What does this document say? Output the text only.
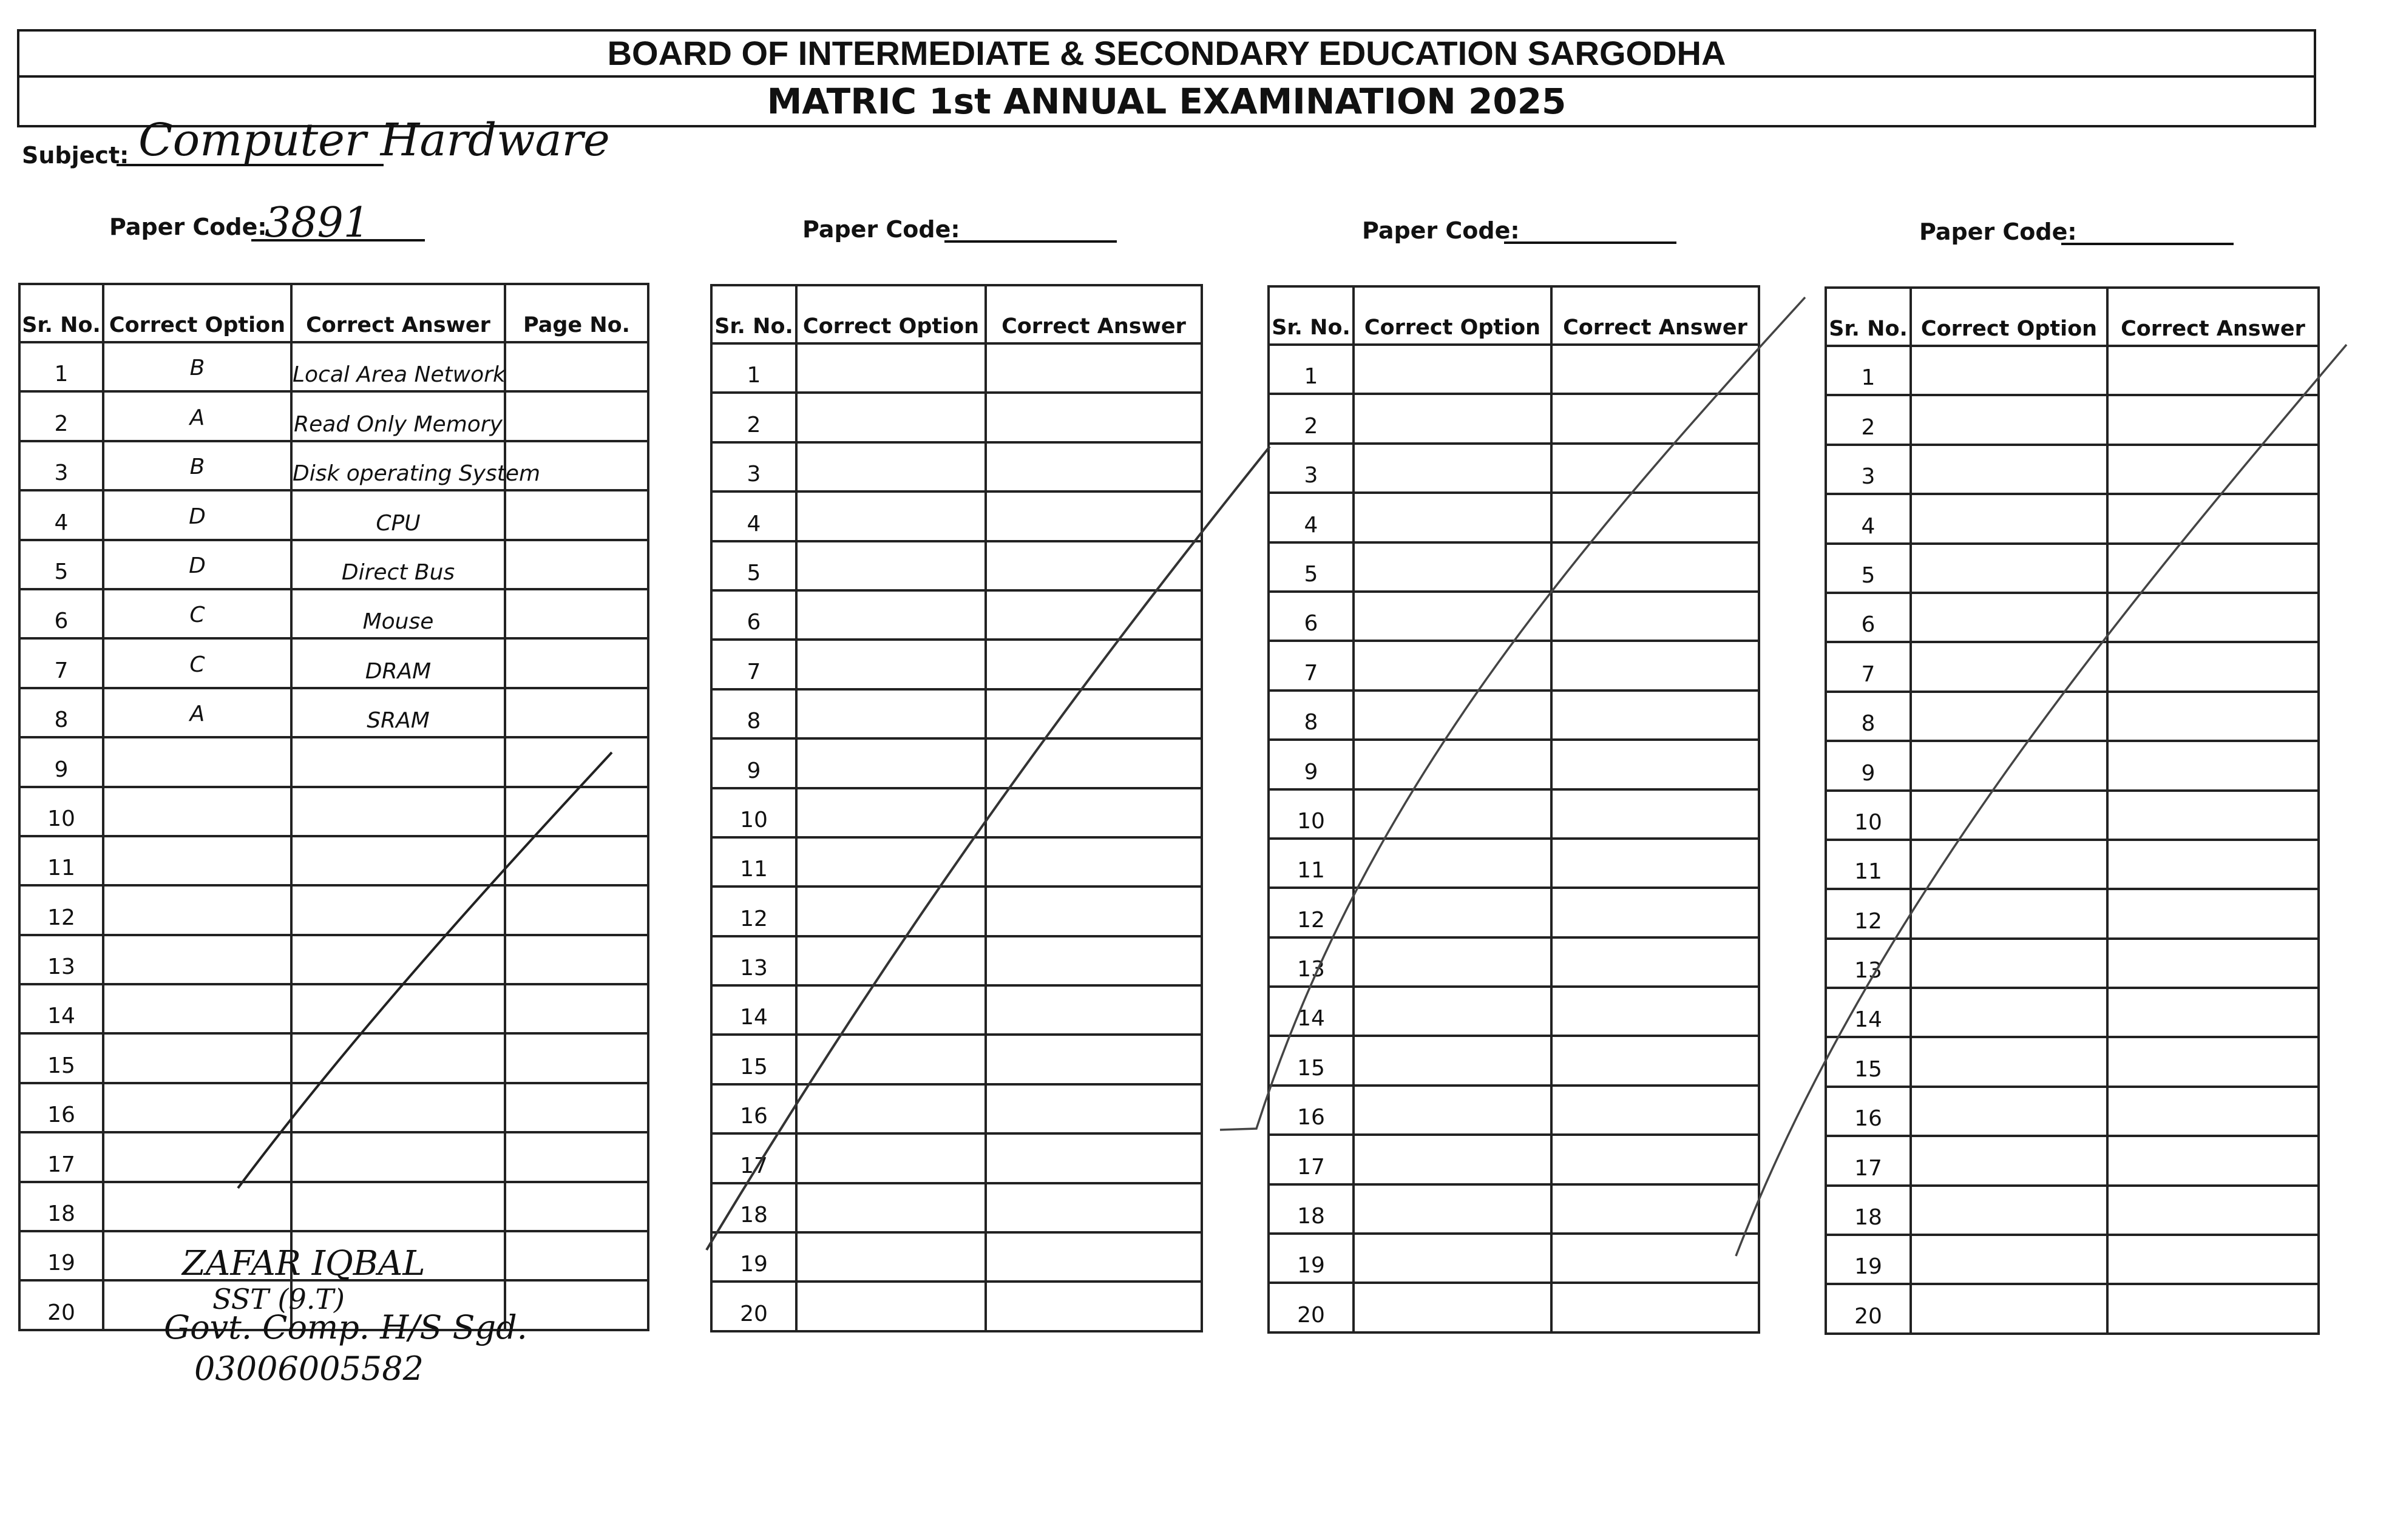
BOARD OF INTERMEDIATE & SECONDARY EDUCATION SARGODHA
MATRIC 1st ANNUAL EXAMINATION 2025
Subject: Computer Hardware
Paper Code:
3891	Paper Code:	Paper Code:	Paper Code:
Sr. No.	Correct Option	Correct Answer	Page No.
1	B	Local Area Network	
2	A	Read Only Memory	
3	B	Disk operating System	
4	D	CPU	
5	D	Direct Bus	
6	C	Mouse	
7	C	DRAM	
8	A	SRAM	
9			
10			
11			
12			
13			
14			
15			
16			
17			
18			
19			
20			
Sr. No.	Correct Option	Correct Answer
1		
2		
3		
4		
5		
6		
7		
8		
9		
10		
11		
12		
13		
14		
15		
16		
17		
18		
19		
20		
Sr. No.	Correct Option	Correct Answer
1		
2		
3		
4		
5		
6		
7		
8		
9		
10		
11		
12		
13		
14		
15		
16		
17		
18		
19		
20		
Sr. No.	Correct Option	Correct Answer
1		
2		
3		
4		
5		
6		
7		
8		
9		
10		
11		
12		
13		
14		
15		
16		
17		
18		
19		
20		
ZAFAR IQBAL
SST (9.T)
Govt. Comp. H/S Sgd.
03006005582
